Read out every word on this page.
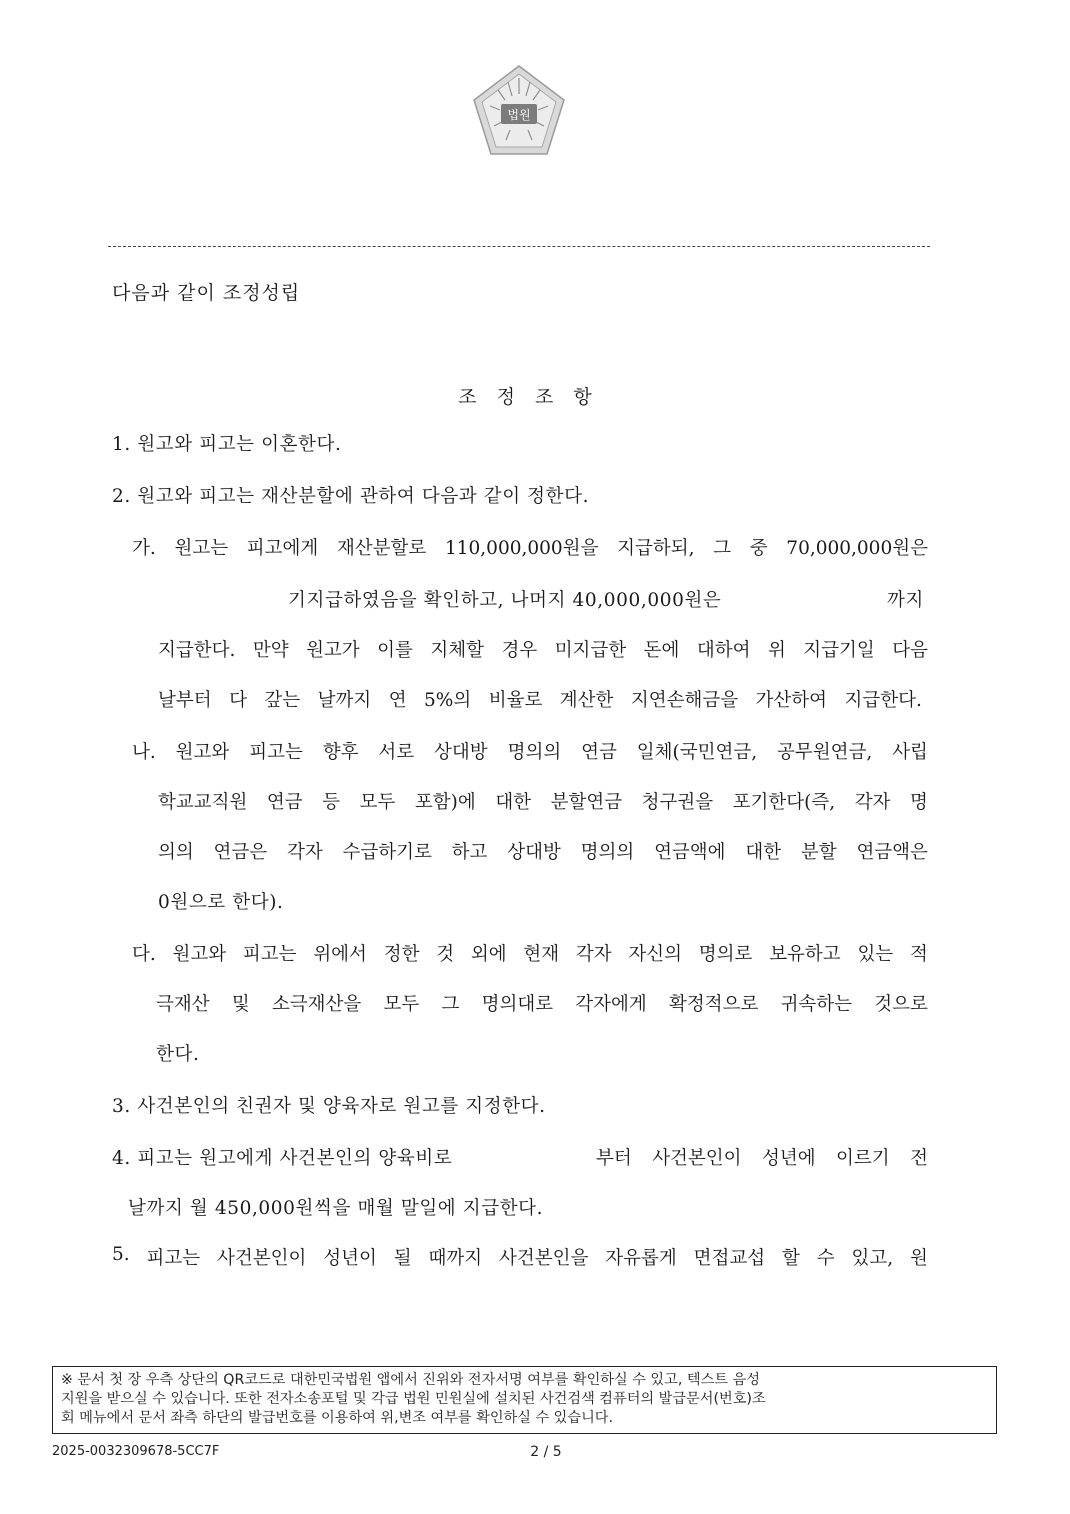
법원
다음과 같이 조정성립
조정조항
1. 원고와 피고는 이혼한다.
2. 원고와 피고는 재산분할에 관하여 다음과 같이 정한다.
가. 원고는 피고에게 재산분할로 110,000,000원을 지급하되, 그 중 70,000,000원은
기지급하였음을 확인하고, 나머지 40,000,000원은	까지
지급한다. 만약 원고가 이를 지체할 경우 미지급한 돈에 대하여 위 지급기일 다음
날부터 다 갚는 날까지 연 5%의 비율로 계산한 지연손해금을 가산하여 지급한다.
나. 원고와 피고는 향후 서로 상대방 명의의 연금 일체(국민연금, 공무원연금, 사립
학교교직원 연금 등 모두 포함)에 대한 분할연금 청구권을 포기한다(즉, 각자 명
의의 연금은 각자 수급하기로 하고 상대방 명의의 연금액에 대한 분할 연금액은
0원으로 한다).
다. 원고와 피고는 위에서 정한 것 외에 현재 각자 자신의 명의로 보유하고 있는 적
극재산 및 소극재산을 모두 그 명의대로 각자에게 확정적으로 귀속하는 것으로
한다.
3. 사건본인의 친권자 및 양육자로 원고를 지정한다.
4. 피고는 원고에게 사건본인의 양육비로	부터 사건본인이 성년에 이르기 전
날까지 월 450,000원씩을 매월 말일에 지급한다.
5. 피고는 사건본인이 성년이 될 때까지 사건본인을 자유롭게 면접교섭 할 수 있고, 원
※ 문서 첫 장 우측 상단의 QR코드로 대한민국법원 앱에서 진위와 전자서명 여부를 확인하실 수 있고, 텍스트 음성
지원을 받으실 수 있습니다. 또한 전자소송포털 및 각급 법원 민원실에 설치된 사건검색 컴퓨터의 발급문서(번호)조
회 메뉴에서 문서 좌측 하단의 발급번호를 이용하여 위,변조 여부를 확인하실 수 있습니다.
2025-0032309678-5CC7F	2 / 5
